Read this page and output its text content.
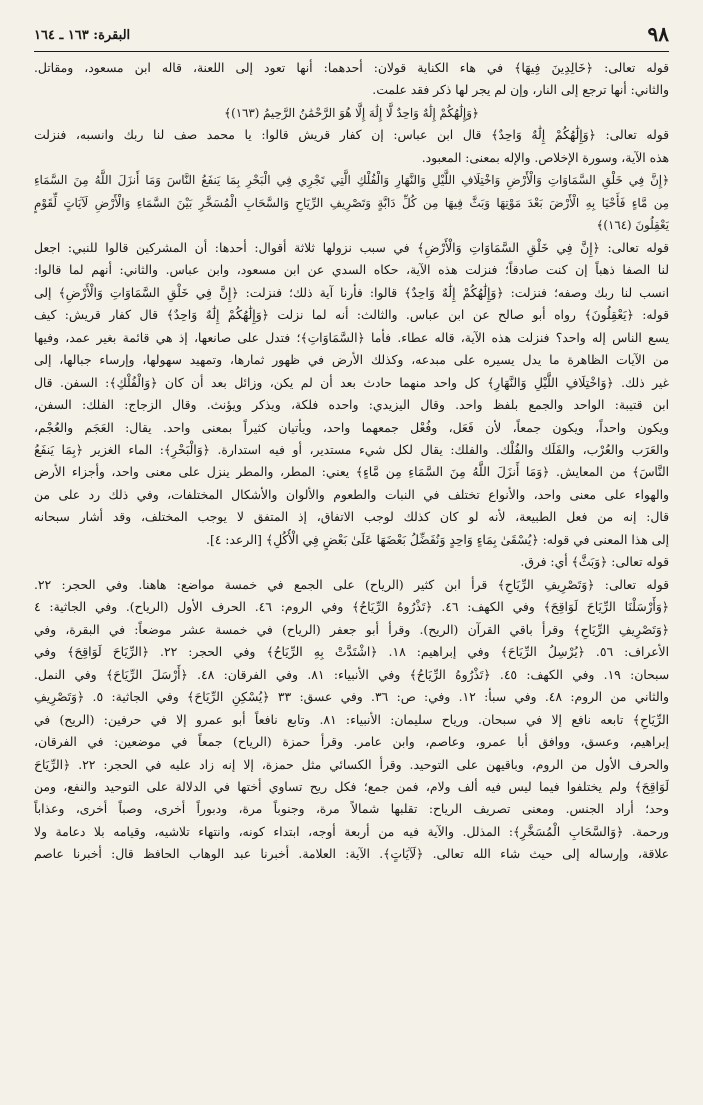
٩٨
البقرة: ١٦٣ ـ ١٦٤
قوله تعالى: ﴿خَالِدِينَ فِيهَا﴾ في هاء الكناية قولان: أحدهما: أنها تعود إلى اللعنة، قاله ابن مسعود، ومقاتل.
والثاني: أنها ترجع إلى النار، وإن لم يجر لها ذكر فقد علمت.
﴿وَإِلَٰهُكُمْ إِلَٰهٌ وَاحِدٌ لَّا إِلَٰهَ إِلَّا هُوَ الرَّحْمَٰنُ الرَّحِيمُ (١٦٣)﴾
قوله تعالى: ﴿وَإِلَٰهُكُمْ إِلَٰهٌ وَاحِدٌ﴾ قال ابن عباس: إن كفار قريش قالوا: يا محمد صف لنا ربك وانسبه، فنزلت
هذه الآية، وسورة الإخلاص. والإله بمعنى: المعبود.
﴿إِنَّ فِي خَلْقِ السَّمَاوَاتِ وَالْأَرْضِ وَاخْتِلَافِ اللَّيْلِ وَالنَّهَارِ وَالْفُلْكِ الَّتِي تَجْرِي فِي الْبَحْرِ بِمَا يَنفَعُ النَّاسَ وَمَا أَنزَلَ اللَّهُ مِنَ السَّمَاءِ
مِن مَّاءٍ فَأَحْيَا بِهِ الْأَرْضَ بَعْدَ مَوْتِهَا وَبَثَّ فِيهَا مِن كُلِّ دَابَّةٍ وَتَصْرِيفِ الرِّيَاحِ وَالسَّحَابِ الْمُسَخَّرِ بَيْنَ السَّمَاءِ وَالْأَرْضِ لَآيَاتٍ لِّقَوْمٍ
يَعْقِلُونَ (١٦٤)﴾
قوله تعالى: ﴿إِنَّ فِي خَلْقِ السَّمَاوَاتِ وَالْأَرْضِ﴾ في سبب نزولها ثلاثة أقوال: أحدها: أن المشركين قالوا للنبي: اجعل
لنا الصفا ذهباً إن كنت صادقاً؛ فنزلت هذه الآية، حكاه السدي عن ابن مسعود، وابن عباس. والثاني: أنهم لما قالوا:
انسب لنا ربك وصفه؛ فنزلت: ﴿وَإِلَٰهُكُمْ إِلَٰهٌ وَاحِدٌ﴾ قالوا: فأرنا آية ذلك؛ فنزلت: ﴿إِنَّ فِي خَلْقِ السَّمَاوَاتِ وَالْأَرْضِ﴾ إلى
قوله: ﴿يَعْقِلُونَ﴾ رواه أبو صالح عن ابن عباس. والثالث: أنه لما نزلت ﴿وَإِلَٰهُكُمْ إِلَٰهٌ وَاحِدٌ﴾ قال كفار قريش: كيف
يسع الناس إله واحد؟ فنزلت هذه الآية، قاله عطاء. فأما ﴿السَّمَاوَاتِ﴾؛ فتدل على صانعها، إذ هي قائمة بغير عمد، وفيها
من الآيات الظاهرة ما يدل يسيره على مبدعه، وكذلك الأرض في ظهور ثمارها، وتمهيد سهولها، وإرساء جبالها، إلى
غير ذلك. ﴿وَاخْتِلَافِ اللَّيْلِ وَالنَّهَارِ﴾ كل واحد منهما حادث بعد أن لم يكن، وزائل بعد أن كان ﴿وَالْفُلْكِ﴾: السفن. قال
ابن قتيبة: الواحد والجمع بلفظ واحد. وقال اليزيدي: واحده فلكة، ويذكر ويؤنث. وقال الزجاج: الفلك: السفن،
ويكون واحداً، ويكون جمعاً، لأن فَعَل، وفُعْل جمعهما واحد، ويأتيان كثيراً بمعنى واحد. يقال: العَجَم والعُجْم،
والعَرَب والعُرْب، والفَلَك والفُلْك. والفلك: يقال لكل شيء مستدير، أو فيه استدارة. ﴿وَالْبَحْرِ﴾: الماء الغزير ﴿بِمَا يَنفَعُ
النَّاسَ﴾ من المعايش. ﴿وَمَا أَنزَلَ اللَّهُ مِنَ السَّمَاءِ مِن مَّاءٍ﴾ يعني: المطر، والمطر ينزل على معنى واحد، وأجزاء الأرض
والهواء على معنى واحد، والأنواع تختلف في النبات والطعوم والألوان والأشكال المختلفات، وفي ذلك رد على من
قال: إنه من فعل الطبيعة، لأنه لو كان كذلك لوجب الاتفاق، إذ المتفق لا يوجب المختلف، وقد أشار سبحانه
إلى هذا المعنى في قوله: ﴿يُسْقَىٰ بِمَاءٍ وَاحِدٍ وَنُفَضِّلُ بَعْضَهَا عَلَىٰ بَعْضٍ فِي الْأُكُلِ﴾ [الرعد: ٤].
قوله تعالى: ﴿وَبَثَّ﴾ أي: فرق.
قوله تعالى: ﴿وَتَصْرِيفِ الرِّيَاحِ﴾ قرأ ابن كثير (الرياح) على الجمع في خمسة مواضع: هاهنا. وفي الحجر: ٢٢.
﴿وَأَرْسَلْنَا الرِّيَاحَ لَوَاقِحَ﴾ وفي الكهف: ٤٦. ﴿تَذْرُوهُ الرِّيَاحُ﴾ وفي الروم: ٤٦. الحرف الأول (الرياح). وفي الجاثية: ٤
﴿وَتَصْرِيفِ الرِّيَاحِ﴾ وقرأ باقي القرآن (الريح). وقرأ أبو جعفر (الرياح) في خمسة عشر موضعاً: في البقرة، وفي
الأعراف: ٥٦. ﴿يُرْسِلُ الرِّيَاحَ﴾ وفي إبراهيم: ١٨. ﴿اشْتَدَّتْ بِهِ الرِّيَاحُ﴾ وفي الحجر: ٢٢. ﴿الرِّيَاحَ لَوَاقِحَ﴾ وفي
سبحان: ١٩. وفي الكهف: ٤٥. ﴿تَذْرُوهُ الرِّيَاحُ﴾ وفي الأنبياء: ٨١. وفي الفرقان: ٤٨. ﴿أَرْسَلَ الرِّيَاحَ﴾ وفي النمل.
والثاني من الروم: ٤٨. وفي سبأ: ١٢. وفي: ص: ٣٦. وفي عسق: ٣٣ ﴿يُسْكِنِ الرِّيَاحَ﴾ وفي الجاثية: ٥. ﴿وَتَصْرِيفِ
الرِّيَاحِ﴾ تابعه نافع إلا في سبحان. ورياح سليمان: الأنبياء: ٨١. وتابع نافعاً أبو عمرو إلا في حرفين: (الريح) في
إبراهيم، وعسق، ووافق أبا عمرو، وعاصم، وابن عامر. وقرأ حمزة (الرياح) جمعاً في موضعين: في الفرقان،
والحرف الأول من الروم، وباقيهن على التوحيد. وقرأ الكسائي مثل حمزة، إلا إنه زاد عليه في الحجر: ٢٢. ﴿الرِّيَاحَ
لَوَاقِحَ﴾ ولم يختلفوا فيما ليس فيه ألف ولام، فمن جمع؛ فكل ريح تساوي أختها في الدلالة على التوحيد والنفع، ومن
وحد؛ أراد الجنس. ومعنى تصريف الرياح: تقلبها شمالاً مرة، وجنوباً مرة، ودبوراً أخرى، وصباً أخرى، وعذاباً
ورحمة. ﴿وَالسَّحَابِ الْمُسَخَّرِ﴾: المذلل. والآية فيه من أربعة أوجه، ابتداء كونه، وانتهاء تلاشيه، وقيامه بلا دعامة ولا
علاقة، وإرساله إلى حيث شاء الله تعالى. ﴿لَآيَاتٍ﴾. الآية: العلامة. أخبرنا عبد الوهاب الحافظ قال: أخبرنا عاصم
